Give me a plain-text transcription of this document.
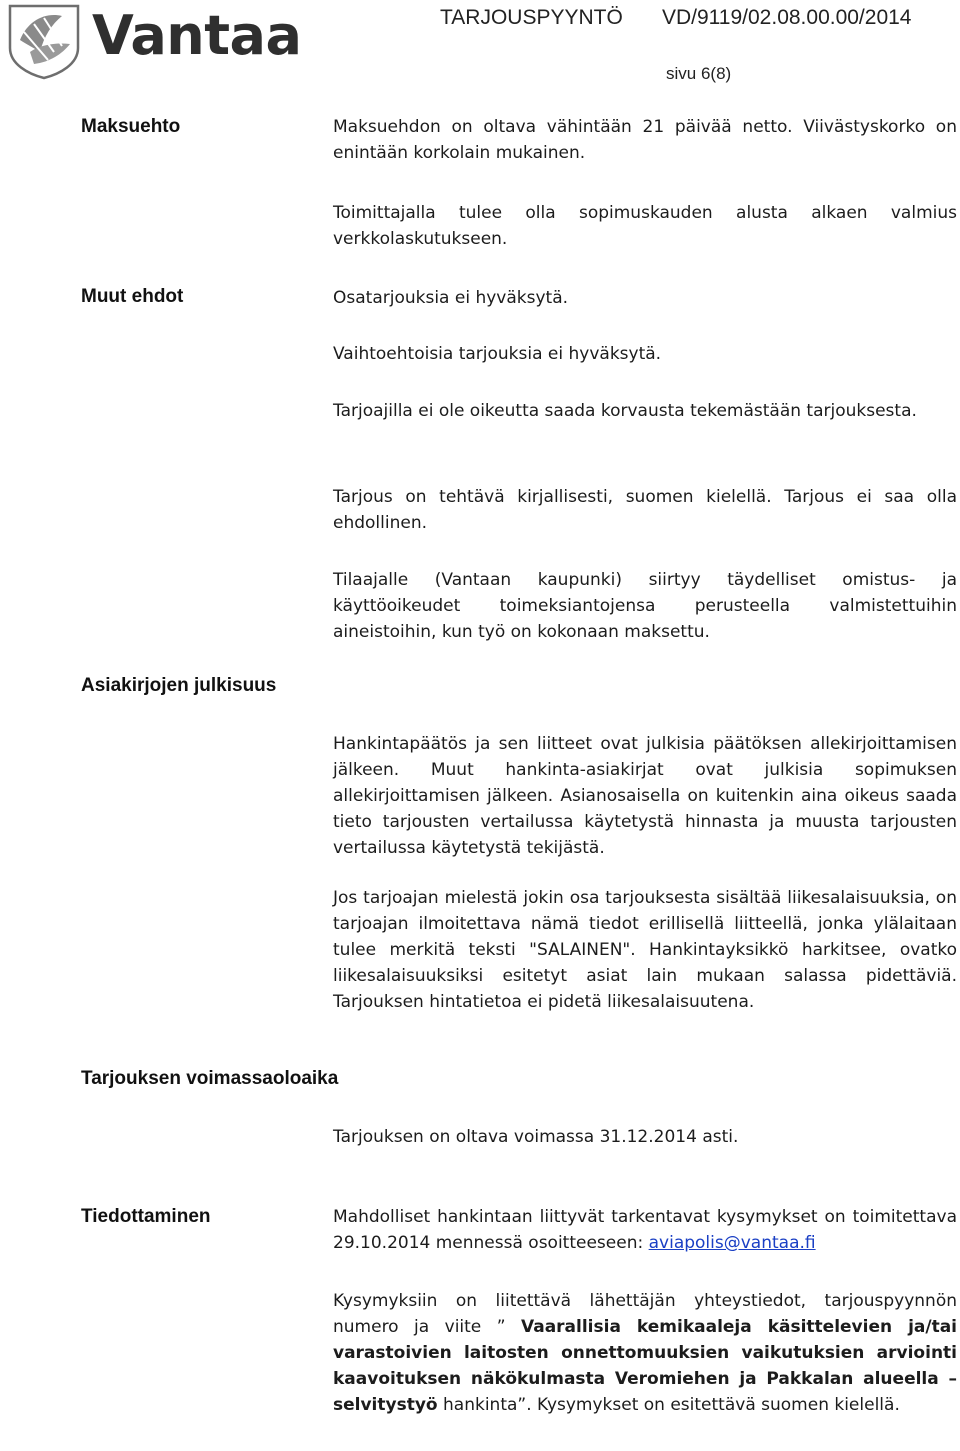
Vantaa	TARJOUSPYYNTÖ VD/9119/02.08.00.00/2014
sivu 6(8)
Maksuehto	Maksuehdon on oltava vähintään 21 päivää netto. Viivästyskorko on enintään korkolain mukainen.

Toimittajalla tulee olla sopimuskauden alusta alkaen valmius verkkolaskutukseen.

Muut ehdot	Osatarjouksia ei hyväksytä.

Vaihtoehtoisia tarjouksia ei hyväksytä.

Tarjoajilla ei ole oikeutta saada korvausta tekemästään tarjouksesta.

Tarjous on tehtävä kirjallisesti, suomen kielellä. Tarjous ei saa olla ehdollinen.

Tilaajalle (Vantaan kaupunki) siirtyy täydelliset omistus- ja käyttöoikeudet toimeksiantojensa perusteella valmistettuihin aineistoihin, kun työ on kokonaan maksettu.

Asiakirjojen julkisuus

Hankintapäätös ja sen liitteet ovat julkisia päätöksen allekirjoittamisen jälkeen. Muut hankinta-asiakirjat ovat julkisia sopimuksen allekirjoittamisen jälkeen. Asianosaisella on kuitenkin aina oikeus saada tieto tarjousten vertailussa käytetystä hinnasta ja muusta tarjousten vertailussa käytetystä tekijästä.

Jos tarjoajan mielestä jokin osa tarjouksesta sisältää liikesalaisuuksia, on tarjoajan ilmoitettava nämä tiedot erillisellä liitteellä, jonka ylälaitaan tulee merkitä teksti "SALAINEN". Hankintayksikkö harkitsee, ovatko liikesalaisuuksiksi esitetyt asiat lain mukaan salassa pidettäviä. Tarjouksen hintatietoa ei pidetä liikesalaisuutena.

Tarjouksen voimassaoloaika

Tarjouksen on oltava voimassa 31.12.2014 asti.

Tiedottaminen	Mahdolliset hankintaan liittyvät tarkentavat kysymykset on toimitettava 29.10.2014 mennessä osoitteeseen: aviapolis@vantaa.fi

Kysymyksiin on liitettävä lähettäjän yhteystiedot, tarjouspyynnön numero ja viite ” Vaarallisia kemikaaleja käsittelevien ja/tai varastoivien laitosten onnettomuuksien vaikutuksien arviointi kaavoituksen näkökulmasta Veromiehen ja Pakkalan alueella –selvitystyö hankinta”. Kysymykset on esitettävä suomen kielellä.
